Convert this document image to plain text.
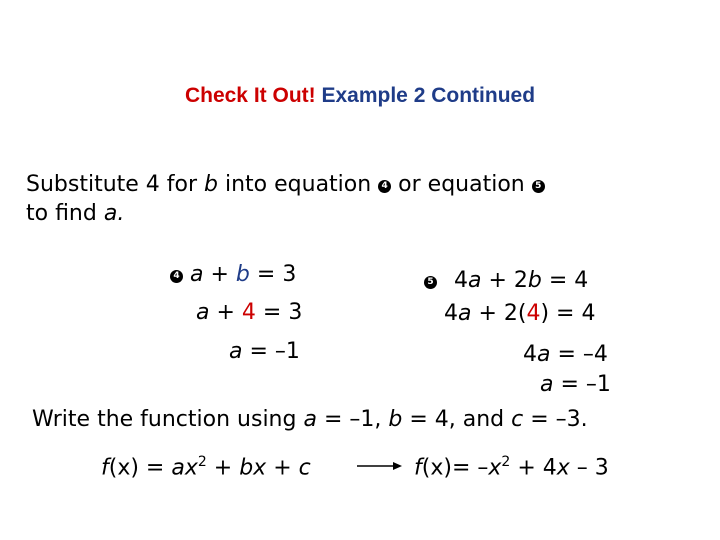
Check It Out! Example 2 Continued
Substitute 4 for b into equation 4 or equation 5
to find a.
4 a + b = 3
a + 4 = 3
a = –1
5 4a + 2b = 4
4a + 2(4) = 4
4a = –4
a = –1
Write the function using a = –1, b = 4, and c = –3.
$f(x) = ax^2$ + bx + c	$f(x)= -x^2 + 4x - 3$
